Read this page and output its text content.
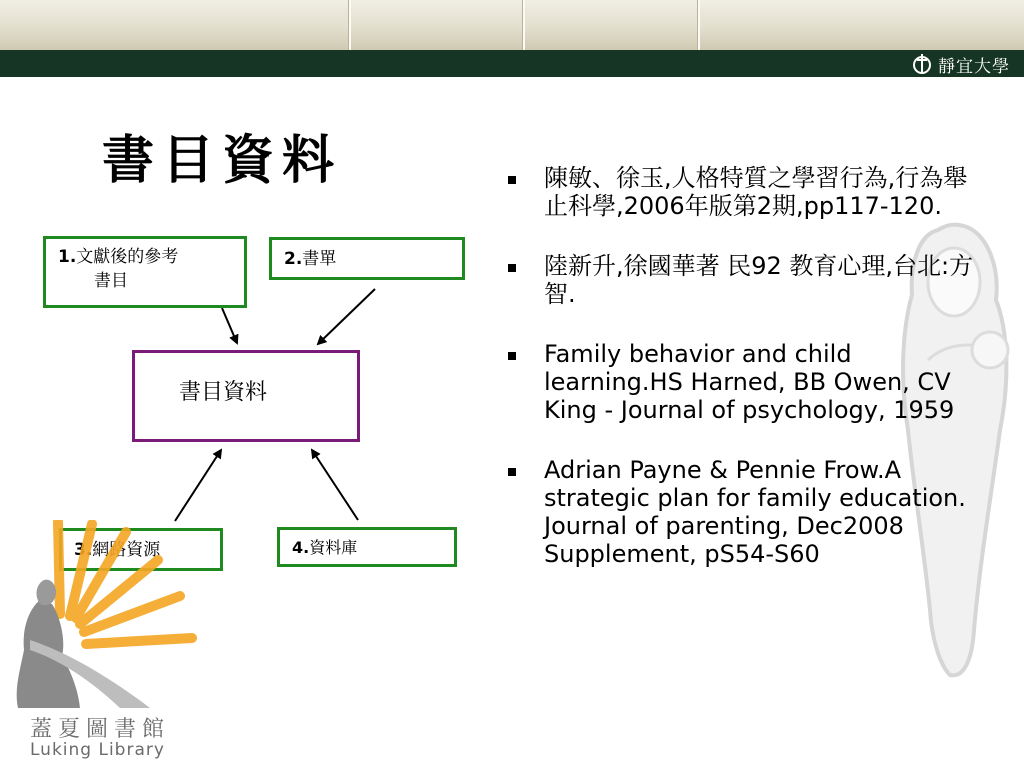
靜宜大學
書目資料
1.文獻後的參考
書目
2.書單
書目資料
3.網路資源	4.資料庫
陳敏、徐玉,人格特質之學習行為,行為舉止科學,2006年版第2期,pp117-120.
陸新升,徐國華著 民92 教育心理,台北:方智.
Family behavior and child learning.HS Harned, BB Owen, CV King - Journal of psychology, 1959
Adrian Payne & Pennie Frow.A strategic plan for family education. Journal of parenting, Dec2008 Supplement, pS54-S60
蓋夏圖書館
Luking Library
